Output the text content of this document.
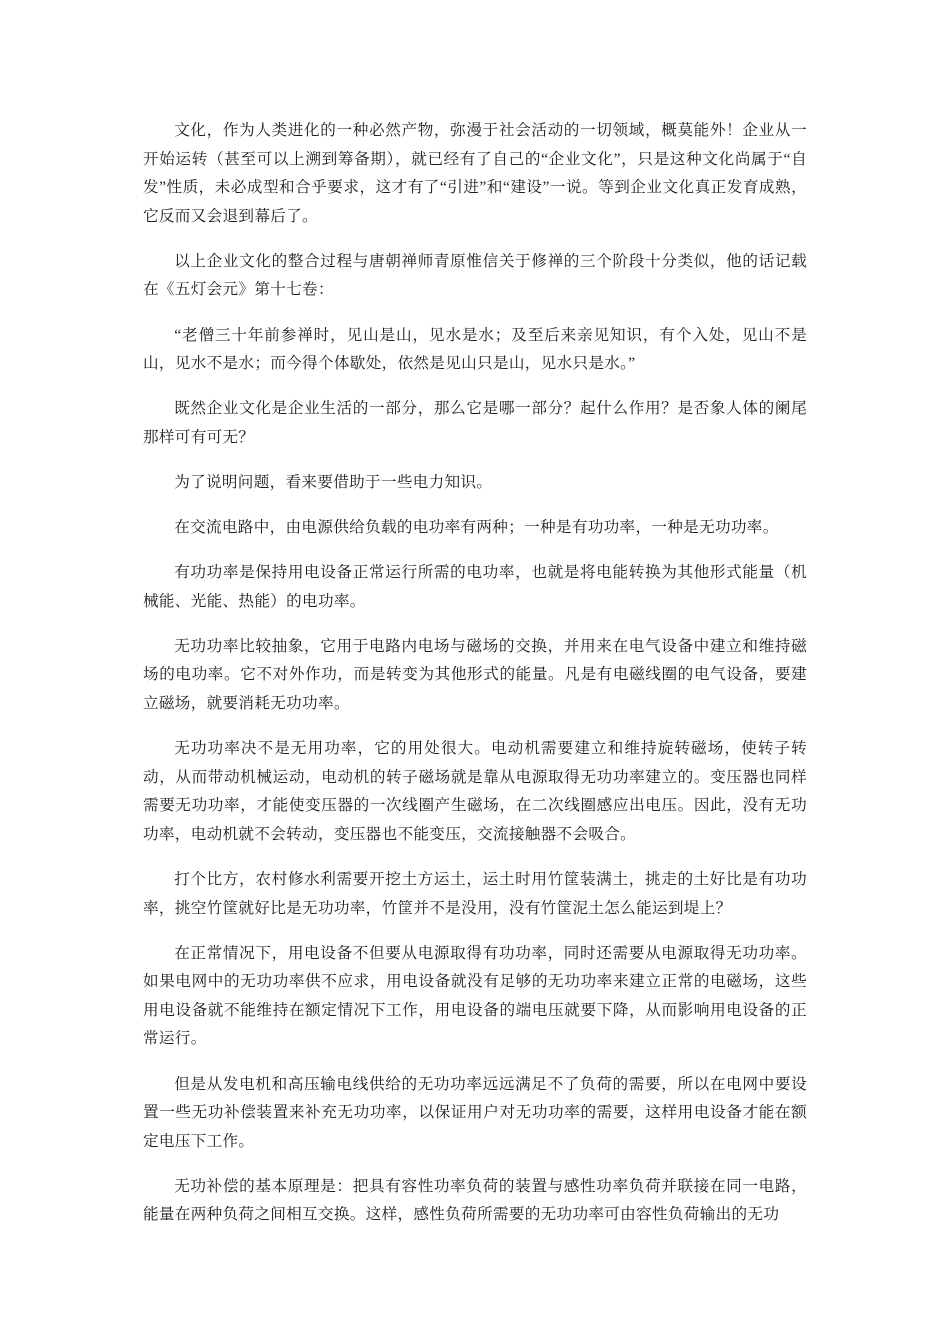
文化，作为人类进化的一种必然产物，弥漫于社会活动的一切领域，概莫能外！企业从一开始运转（甚至可以上溯到筹备期），就已经有了自己的“企业文化”，只是这种文化尚属于“自发”性质，未必成型和合乎要求，这才有了“引进”和“建设”一说。等到企业文化真正发育成熟，它反而又会退到幕后了。

以上企业文化的整合过程与唐朝禅师青原惟信关于修禅的三个阶段十分类似，他的话记载在《五灯会元》第十七卷：

“老僧三十年前参禅时，见山是山，见水是水；及至后来亲见知识，有个入处，见山不是山，见水不是水；而今得个体歇处，依然是见山只是山，见水只是水。”

既然企业文化是企业生活的一部分，那么它是哪一部分？起什么作用？是否象人体的阑尾那样可有可无？

为了说明问题，看来要借助于一些电力知识。

在交流电路中，由电源供给负载的电功率有两种；一种是有功功率，一种是无功功率。

有功功率是保持用电设备正常运行所需的电功率，也就是将电能转换为其他形式能量（机械能、光能、热能）的电功率。

无功功率比较抽象，它用于电路内电场与磁场的交换，并用来在电气设备中建立和维持磁场的电功率。它不对外作功，而是转变为其他形式的能量。凡是有电磁线圈的电气设备，要建立磁场，就要消耗无功功率。

无功功率决不是无用功率，它的用处很大。电动机需要建立和维持旋转磁场，使转子转动，从而带动机械运动，电动机的转子磁场就是靠从电源取得无功功率建立的。变压器也同样需要无功功率，才能使变压器的一次线圈产生磁场，在二次线圈感应出电压。因此，没有无功功率，电动机就不会转动，变压器也不能变压，交流接触器不会吸合。

打个比方，农村修水利需要开挖土方运土，运土时用竹筐装满土，挑走的土好比是有功功率，挑空竹筐就好比是无功功率，竹筐并不是没用，没有竹筐泥土怎么能运到堤上？

在正常情况下，用电设备不但要从电源取得有功功率，同时还需要从电源取得无功功率。如果电网中的无功功率供不应求，用电设备就没有足够的无功功率来建立正常的电磁场，这些用电设备就不能维持在额定情况下工作，用电设备的端电压就要下降，从而影响用电设备的正常运行。

但是从发电机和高压输电线供给的无功功率远远满足不了负荷的需要，所以在电网中要设置一些无功补偿装置来补充无功功率，以保证用户对无功功率的需要，这样用电设备才能在额定电压下工作。

无功补偿的基本原理是：把具有容性功率负荷的装置与感性功率负荷并联接在同一电路，能量在两种负荷之间相互交换。这样，感性负荷所需要的无功功率可由容性负荷输出的无功
